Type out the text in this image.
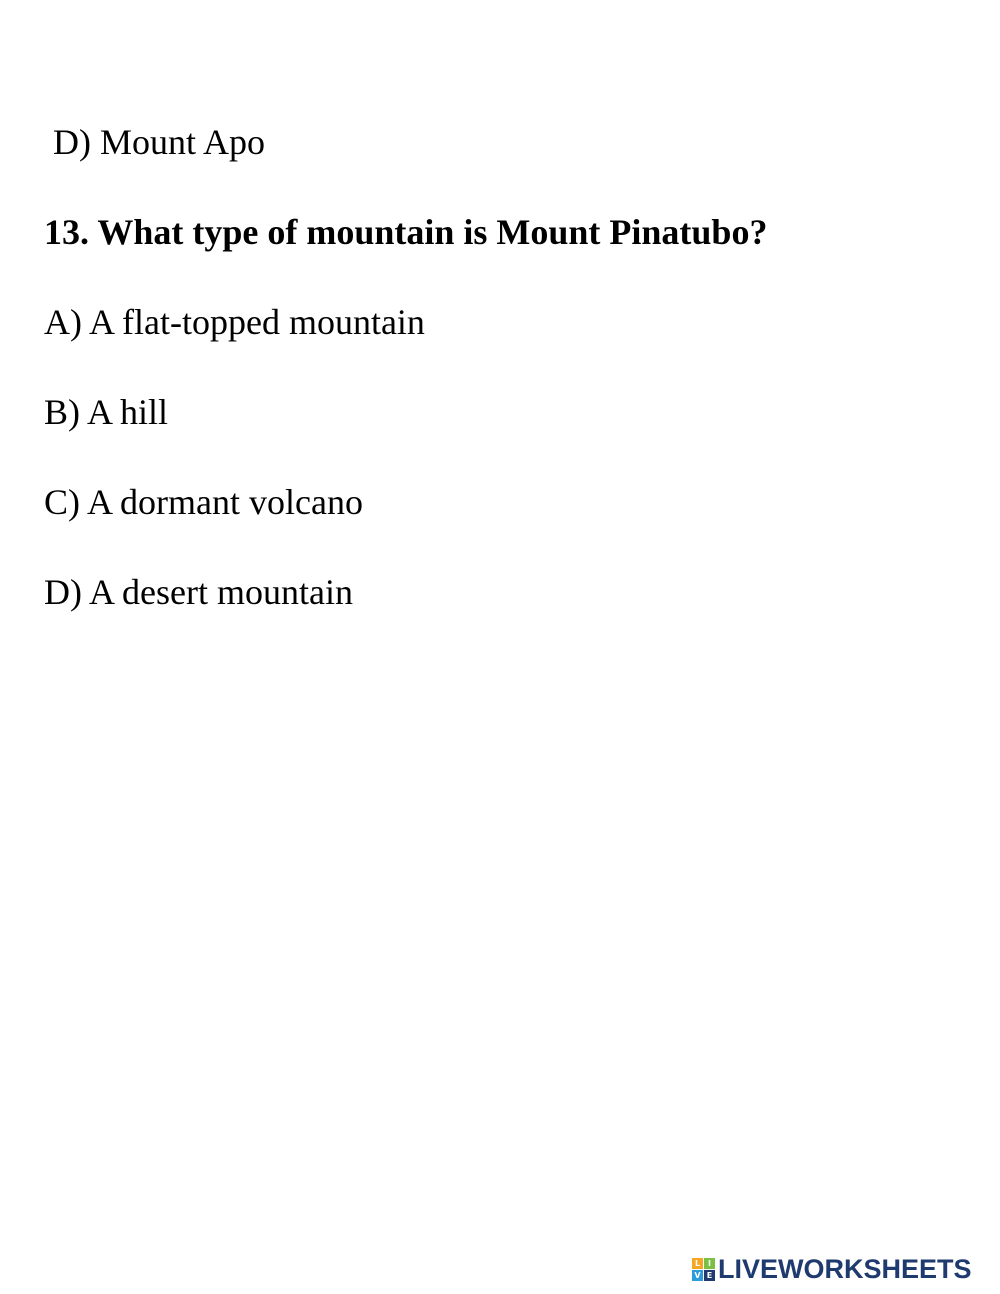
D) Mount Apo
13. What type of mountain is Mount Pinatubo?
A) A flat-topped mountain
B) A hill
C) A dormant volcano
D) A desert mountain
L I
V E LIVEWORKSHEETS
